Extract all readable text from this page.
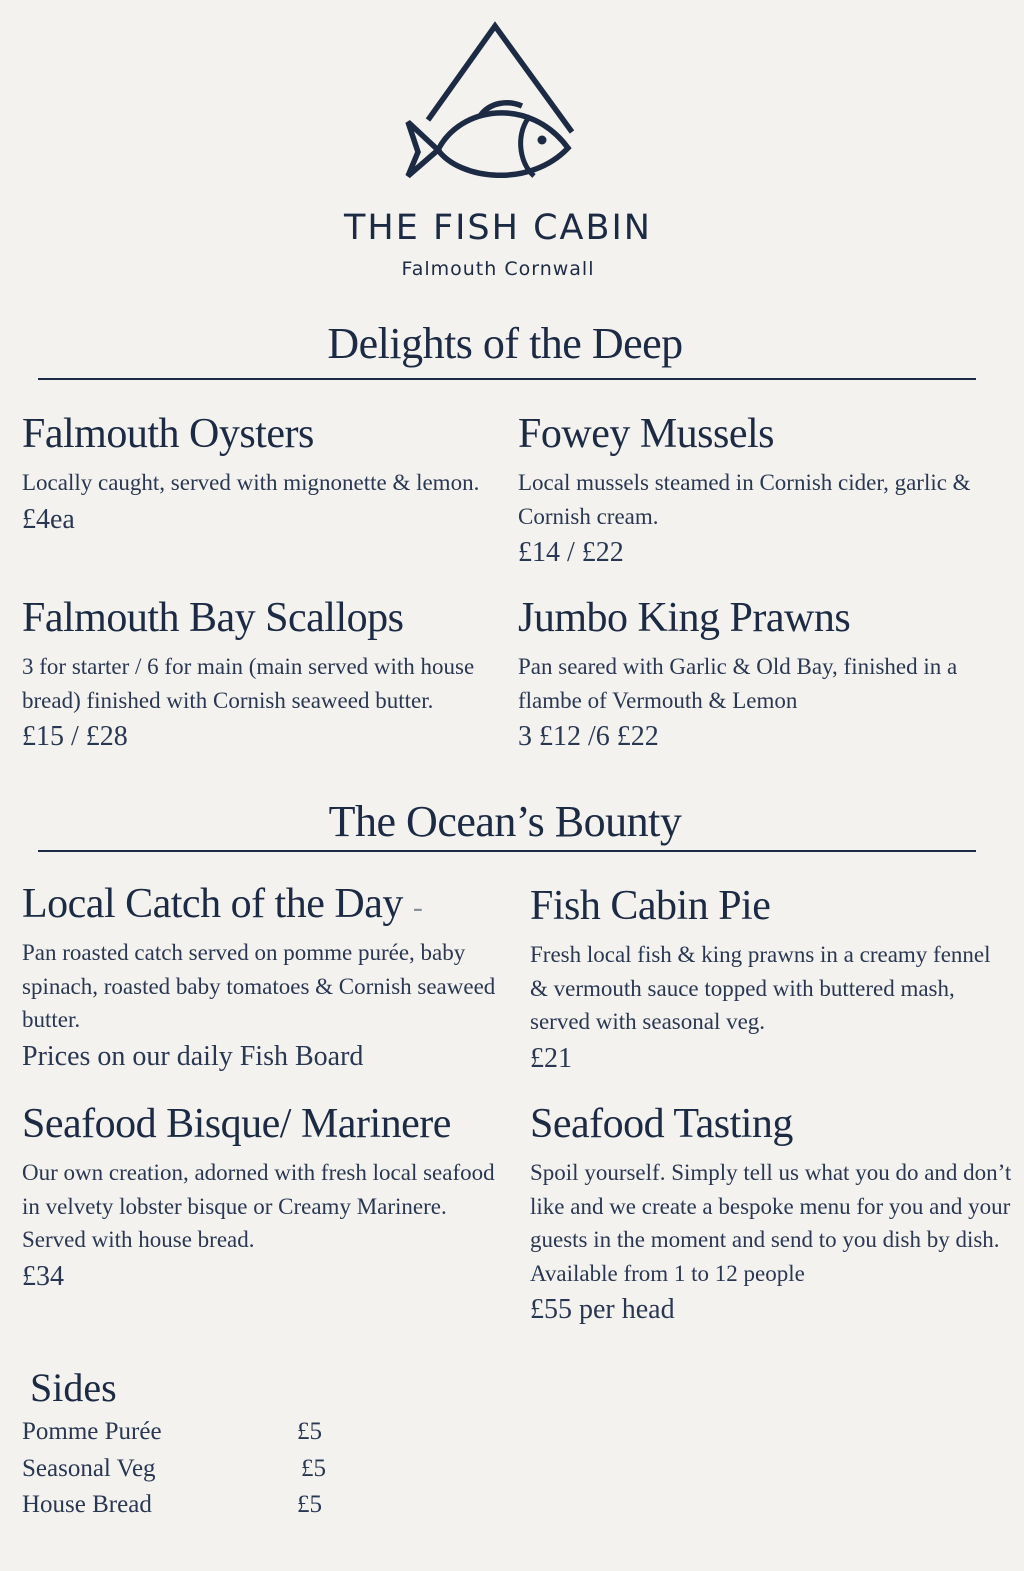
THE FISH CABIN
Falmouth Cornwall
Delights of the Deep
Falmouth Oysters
Locally caught, served with mignonette & lemon.
£4ea
Fowey Mussels
Local mussels steamed in Cornish cider, garlic & Cornish cream.
£14 / £22
Falmouth Bay Scallops
3 for starter / 6 for main (main served with house bread) finished with Cornish seaweed butter.
£15 / £28
Jumbo King Prawns
Pan seared with Garlic & Old Bay, finished in a flambe of Vermouth & Lemon
3 £12 /6 £22
The Ocean’s Bounty
Local Catch of the Day -
Pan roasted catch served on pomme purée, baby spinach, roasted baby tomatoes & Cornish seaweed butter.
Prices on our daily Fish Board
Fish Cabin Pie
Fresh local fish & king prawns in a creamy fennel & vermouth sauce topped with buttered mash, served with seasonal veg.
£21
Seafood Bisque/ Marinere
Our own creation, adorned with fresh local seafood in velvety lobster bisque or Creamy Marinere. Served with house bread.
£34
Seafood Tasting
Spoil yourself. Simply tell us what you do and don’t like and we create a bespoke menu for you and your guests in the moment and send to you dish by dish. Available from 1 to 12 people
£55 per head
Sides
Pomme Purée	£5
Seasonal Veg	£5
House Bread	£5
